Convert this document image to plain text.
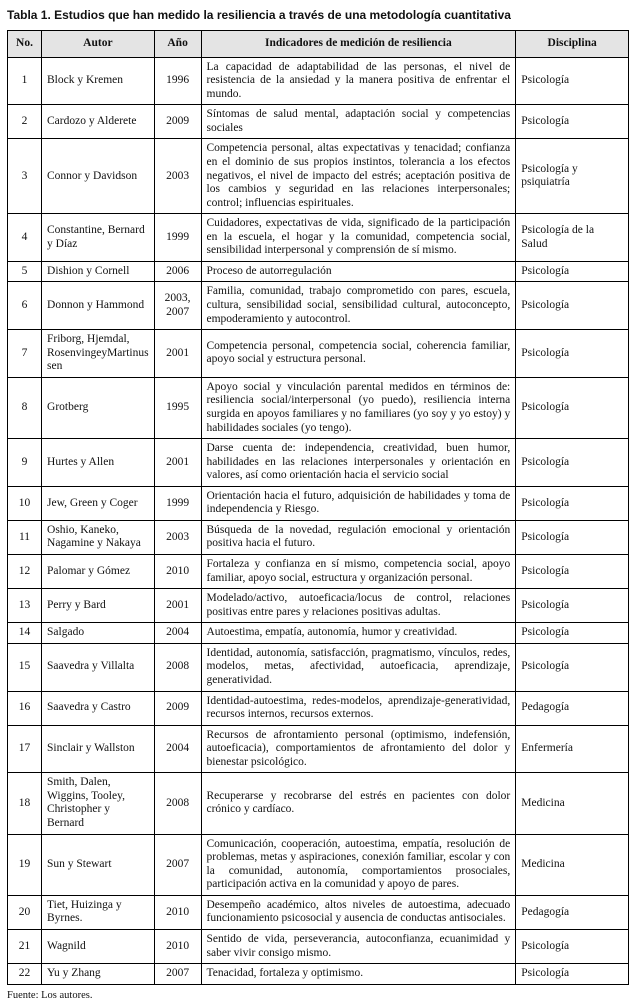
Tabla 1. Estudios que han medido la resiliencia a través de una metodología cuantitativa
No.	Autor	Año	Indicadores de medición de resiliencia	Disciplina
1	Block y Kremen	1996	La capacidad de adaptabilidad de las personas, el nivel de resistencia de la ansiedad y la manera positiva de enfrentar el mundo.	Psicología
2	Cardozo y Alderete	2009	Síntomas de salud mental, adaptación social y competencias sociales	Psicología
3	Connor y Davidson	2003	Competencia personal, altas expectativas y tenacidad; confianza en el dominio de sus propios instintos, tolerancia a los efectos negativos, el nivel de impacto del estrés; aceptación positiva de los cambios y seguridad en las relaciones interpersonales; control; influencias espirituales.	Psicología y psiquiatría
4	Constantine, Bernard y Díaz	1999	Cuidadores, expectativas de vida, significado de la participación en la escuela, el hogar y la comunidad, competencia social, sensibilidad interpersonal y comprensión de sí mismo.	Psicología de la Salud
5	Dishion y Cornell	2006	Proceso de autorregulación	Psicología
6	Donnon y Hammond	2003, 2007	Familia, comunidad, trabajo comprometido con pares, escuela, cultura, sensibilidad social, sensibilidad cultural, autoconcepto, empoderamiento y autocontrol.	Psicología
7	Friborg, Hjemdal, RosenvingeyMartinussen	2001	Competencia personal, competencia social, coherencia familiar, apoyo social y estructura personal.	Psicología
8	Grotberg	1995	Apoyo social y vinculación parental medidos en términos de: resiliencia social/interpersonal (yo puedo), resiliencia interna surgida en apoyos familiares y no familiares (yo soy y yo estoy) y habilidades sociales (yo tengo).	Psicología
9	Hurtes y Allen	2001	Darse cuenta de: independencia, creatividad, buen humor, habilidades en las relaciones interpersonales y orientación en valores, así como orientación hacia el servicio social	Psicología
10	Jew, Green y Coger	1999	Orientación hacia el futuro, adquisición de habilidades y toma de independencia y Riesgo.	Psicología
11	Oshio, Kaneko, Nagamine y Nakaya	2003	Búsqueda de la novedad, regulación emocional y orientación positiva hacia el futuro.	Psicología
12	Palomar y Gómez	2010	Fortaleza y confianza en sí mismo, competencia social, apoyo familiar, apoyo social, estructura y organización personal.	Psicología
13	Perry y Bard	2001	Modelado/activo, autoeficacia/locus de control, relaciones positivas entre pares y relaciones positivas adultas.	Psicología
14	Salgado	2004	Autoestima, empatía, autonomía, humor y creatividad.	Psicología
15	Saavedra y Villalta	2008	Identidad, autonomía, satisfacción, pragmatismo, vínculos, redes, modelos, metas, afectividad, autoeficacia, aprendizaje, generatividad.	Psicología
16	Saavedra y Castro	2009	Identidad-autoestima, redes-modelos, aprendizaje-generatividad, recursos internos, recursos externos.	Pedagogía
17	Sinclair y Wallston	2004	Recursos de afrontamiento personal (optimismo, indefensión, autoeficacia), comportamientos de afrontamiento del dolor y bienestar psicológico.	Enfermería
18	Smith, Dalen, Wiggins, Tooley, Christopher y Bernard	2008	Recuperarse y recobrarse del estrés en pacientes con dolor crónico y cardíaco.	Medicina
19	Sun y Stewart	2007	Comunicación, cooperación, autoestima, empatía, resolución de problemas, metas y aspiraciones, conexión familiar, escolar y con la comunidad, autonomía, comportamientos prosociales, participación activa en la comunidad y apoyo de pares.	Medicina
20	Tiet, Huizinga y Byrnes.	2010	Desempeño académico, altos niveles de autoestima, adecuado funcionamiento psicosocial y ausencia de conductas antisociales.	Pedagogía
21	Wagnild	2010	Sentido de vida, perseverancia, autoconfianza, ecuanimidad y saber vivir consigo mismo.	Psicología
22	Yu y Zhang	2007	Tenacidad, fortaleza y optimismo.	Psicología
Fuente: Los autores.
